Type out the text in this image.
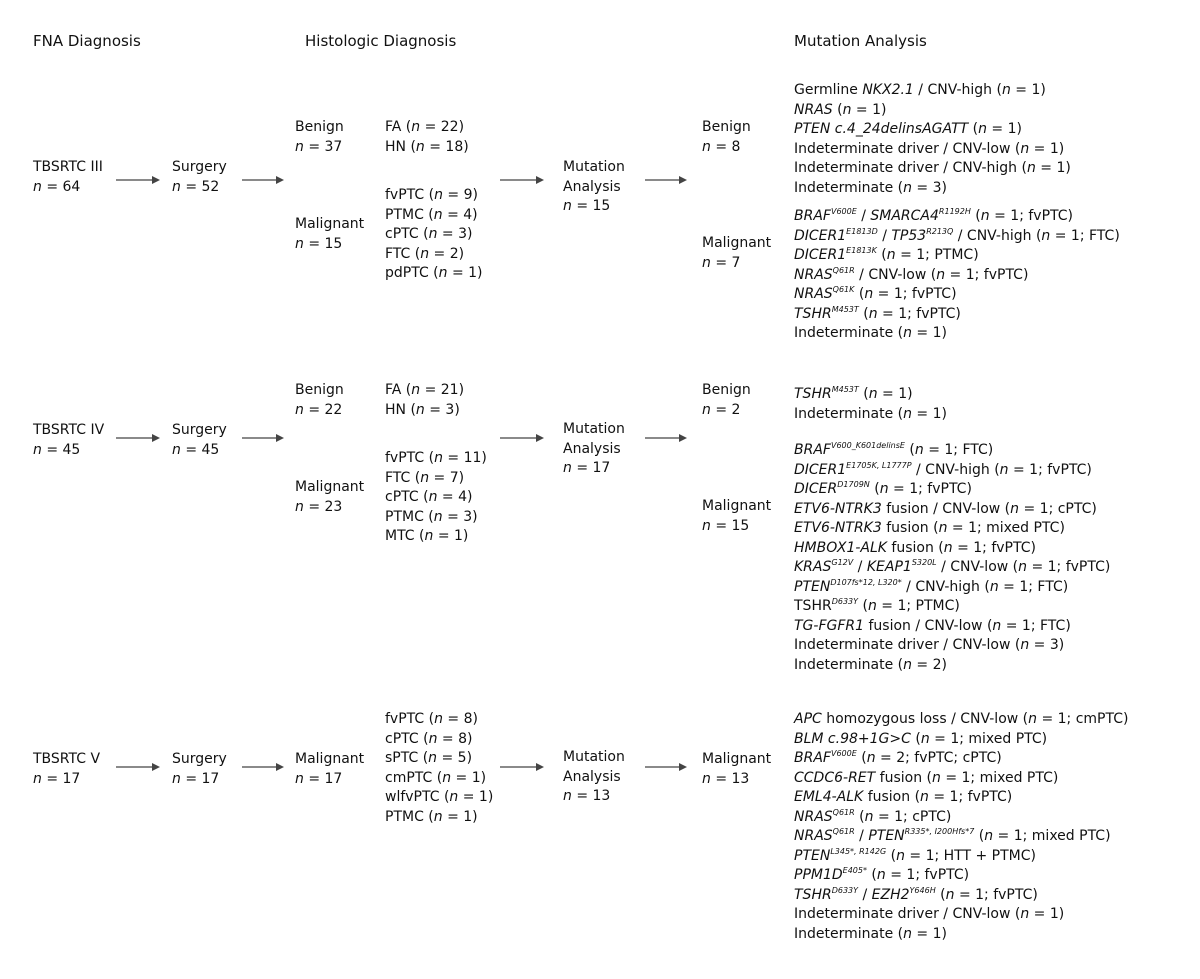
FNA Diagnosis	Histologic Diagnosis	Mutation Analysis
TBSRTC III
n = 64
Surgery
n = 52
Benign
n = 37
Malignant
n = 15
FA (n = 22)
HN (n = 18)
fvPTC (n = 9)
PTMC (n = 4)
cPTC (n = 3)
FTC (n = 2)
pdPTC (n = 1)
Mutation
Analysis
n = 15
Benign
n = 8
Malignant
n = 7
Germline NKX2.1 / CNV-high (n = 1)
NRAS (n = 1)
PTEN c.4_24delinsAGATT (n = 1)
Indeterminate driver / CNV-low (n = 1)
Indeterminate driver / CNV-high (n = 1)
Indeterminate (n = 3)
$BRAF^{V600E}$ / $SMARCA4^{R1192H}$ (n = 1; fvPTC)
$DICER1^{E1813D} / TP53^{R213Q}$ / CNV-high (n = 1; FTC)
$DICER1^{E1813K}$ (n = 1; PTMC)
$NRAS^{Q61R} / CNV-low$ (n = 1; fvPTC)
$NRAS^{Q61K}$ (n = 1; fvPTC)
$TSHR^{M453T}$ (n = 1; fvPTC)
Indeterminate (n = 1)
TBSRTC IV
n = 45
Surgery
n = 45
Benign
n = 22
Malignant
n = 23
FA (n = 21)
HN (n = 3)
fvPTC (n = 11)
FTC (n = 7)
cPTC (n = 4)
PTMC (n = 3)
MTC (n = 1)
Mutation
Analysis
n = 17
Benign
n = 2
Malignant
n = 15
$TSHR^{M453T}$ (n = 1)
Indeterminate (n = 1)
$BRAF^{V600\_K601delinsE}$ (n = 1; FTC)
$DICER1^{E1705K, L1777P}$ / CNV-high (n = 1; fvPTC)
$DICER^{D1709N}$ (n = 1; fvPTC)
ETV6-NTRK3 fusion / CNV-low (n = 1; cPTC)
ETV6-NTRK3 fusion (n = 1; mixed PTC)
HMBOX1-ALK fusion (n = 1; fvPTC)
$KRAS^{G12V}$ / $KEAP1^{S320L} / CNV-low$ (n = 1; fvPTC)
$PTEN^{D107fs*12, L320*}$ / CNV-high (n = 1; FTC)
$TSHR^{D633Y}$ (n = 1; PTMC)
TG-FGFR1 fusion / CNV-low (n = 1; FTC)
Indeterminate driver / CNV-low (n = 3)
Indeterminate (n = 2)
TBSRTC V
n = 17
Surgery
n = 17
Malignant
n = 17
fvPTC (n = 8)
cPTC (n = 8)
sPTC (n = 5)
cmPTC (n = 1)
wlfvPTC (n = 1)
PTMC (n = 1)
Mutation
Analysis
n = 13
Malignant
n = 13
APC homozygous loss / CNV-low (n = 1; cmPTC)
BLM c.98+1G>C (n = 1; mixed PTC)
$BRAF^{V600E}$ (n = 2; fvPTC; cPTC)
CCDC6-RET fusion (n = 1; mixed PTC)
EML4-ALK fusion (n = 1; fvPTC)
$NRAS^{Q61R}$ (n = 1; cPTC)
$NRAS^{Q61R}$ / $PTEN^{R335*, I200Hfs*7}$ (n = 1; mixed PTC)
$PTEN^{L345*, R142G}$ (n = 1; HTT + PTMC)
$PPM1D^{E405*}$ (n = 1; fvPTC)
$TSHR^{D633Y} / EZH2^{Y646H}$ (n = 1; fvPTC)
Indeterminate driver / CNV-low (n = 1)
Indeterminate (n = 1)
